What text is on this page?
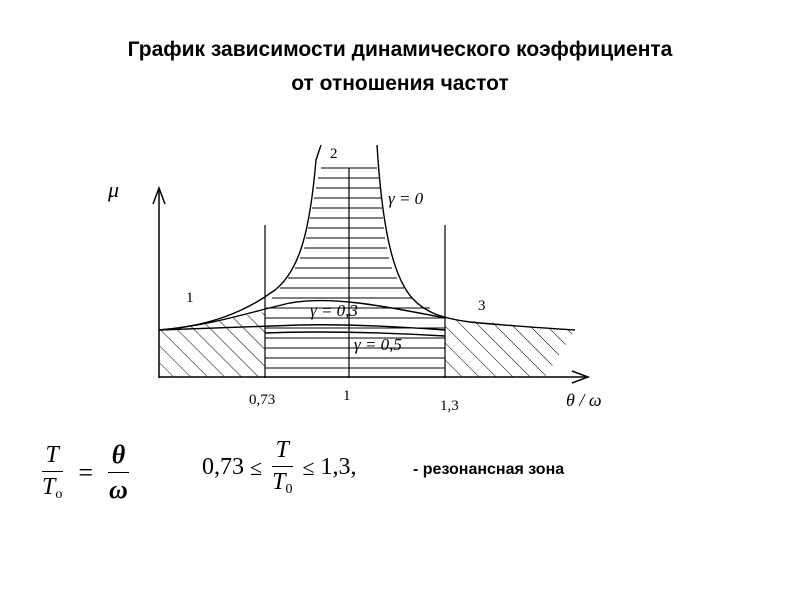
График зависимости динамического коэффициента
от отношения частот
μ
θ / ω
0,73	1
1,3
1
2
3
γ = 0
γ = 0,3
γ = 0,5
$\frac{T}{T_o} = \frac{\theta}{\omega}$	$0,73 \le \frac{T}{T_0} \le 1,3$,	- резонансная зона
